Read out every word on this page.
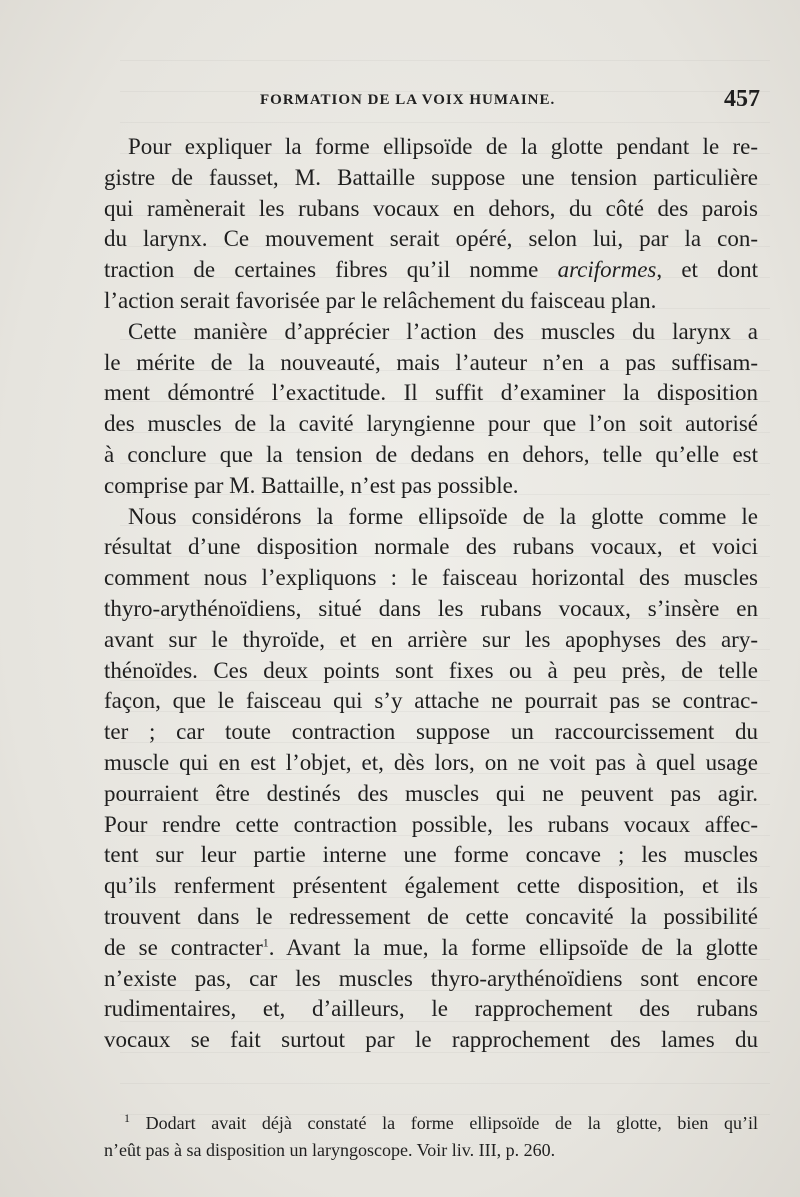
FORMATION DE LA VOIX HUMAINE.	457
Pour expliquer la forme ellipsoïde de la glotte pendant le re-
gistre de fausset, M. Battaille suppose une tension particulière
qui ramènerait les rubans vocaux en dehors, du côté des parois
du larynx. Ce mouvement serait opéré, selon lui, par la con-
traction de certaines fibres qu’il nomme arciformes, et dont
l’action serait favorisée par le relâchement du faisceau plan.
Cette manière d’apprécier l’action des muscles du larynx a
le mérite de la nouveauté, mais l’auteur n’en a pas suffisam-
ment démontré l’exactitude. Il suffit d’examiner la disposition
des muscles de la cavité laryngienne pour que l’on soit autorisé
à conclure que la tension de dedans en dehors, telle qu’elle est
comprise par M. Battaille, n’est pas possible.
Nous considérons la forme ellipsoïde de la glotte comme le
résultat d’une disposition normale des rubans vocaux, et voici
comment nous l’expliquons : le faisceau horizontal des muscles
thyro-arythénoïdiens, situé dans les rubans vocaux, s’insère en
avant sur le thyroïde, et en arrière sur les apophyses des ary-
thénoïdes. Ces deux points sont fixes ou à peu près, de telle
façon, que le faisceau qui s’y attache ne pourrait pas se contrac-
ter ; car toute contraction suppose un raccourcissement du
muscle qui en est l’objet, et, dès lors, on ne voit pas à quel usage
pourraient être destinés des muscles qui ne peuvent pas agir.
Pour rendre cette contraction possible, les rubans vocaux affec-
tent sur leur partie interne une forme concave ; les muscles
qu’ils renferment présentent également cette disposition, et ils
trouvent dans le redressement de cette concavité la possibilité
de se contracter$^1$. Avant la mue, la forme ellipsoïde de la glotte
n’existe pas, car les muscles thyro-arythénoïdiens sont encore
rudimentaires, et, d’ailleurs, le rapprochement des rubans
vocaux se fait surtout par le rapprochement des lames du
$^1$ Dodart avait déjà constaté la forme ellipsoïde de la glotte, bien qu’il
n’eût pas à sa disposition un laryngoscope. Voir liv. III, p. 260.
